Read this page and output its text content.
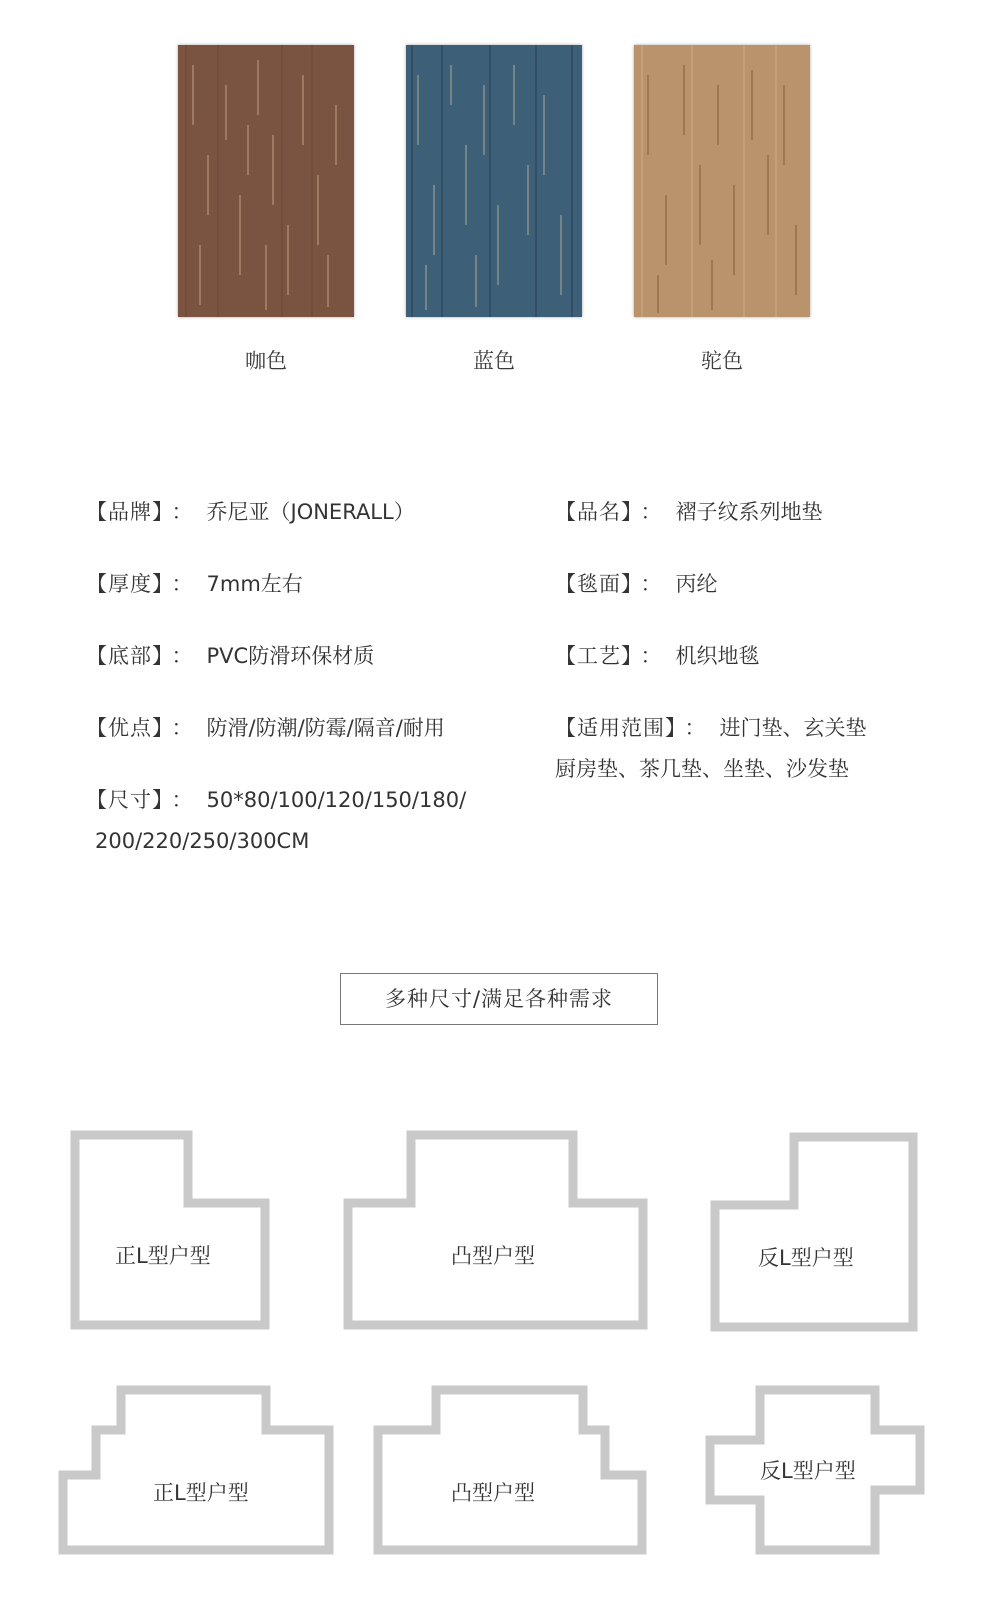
咖色	蓝色	驼色
【品牌】 ： 乔尼亚（JONERALL）	【品名】 ： 褶子纹系列地垫
【厚度】 ： 7mm左右	【毯面】 ： 丙纶
【底部】 ： PVC防滑环保材质	【工艺】 ： 机织地毯
【优点】 ： 防滑/防潮/防霉/隔音/耐用	【适用范围】 ： 进门垫、玄关垫
厨房垫、茶几垫、坐垫、沙发垫
【尺寸】 ： 50*80/100/120/150/180/
200/220/250/300CM
多种尺寸/满足各种需求
正L型户型	凸型户型	反L型户型
正L型户型	凸型户型
反L型户型
